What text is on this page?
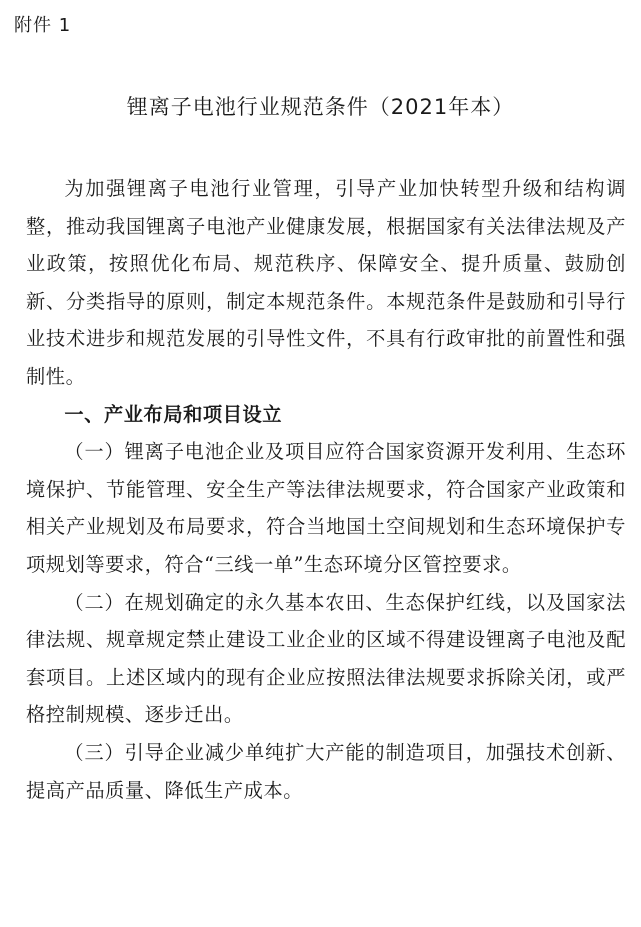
附件 1
锂离子电池行业规范条件（2021年本）

为加强锂离子电池行业管理，引导产业加快转型升级和结构调整，推动我国锂离子电池产业健康发展，根据国家有关法律法规及产业政策，按照优化布局、规范秩序、保障安全、提升质量、鼓励创新、分类指导的原则，制定本规范条件。本规范条件是鼓励和引导行业技术进步和规范发展的引导性文件，不具有行政审批的前置性和强制性。

一、产业布局和项目设立

（一）锂离子电池企业及项目应符合国家资源开发利用、生态环境保护、节能管理、安全生产等法律法规要求，符合国家产业政策和相关产业规划及布局要求，符合当地国土空间规划和生态环境保护专项规划等要求，符合“三线一单”生态环境分区管控要求。

（二）在规划确定的永久基本农田、生态保护红线，以及国家法律法规、规章规定禁止建设工业企业的区域不得建设锂离子电池及配套项目。上述区域内的现有企业应按照法律法规要求拆除关闭，或严格控制规模、逐步迁出。

（三）引导企业减少单纯扩大产能的制造项目，加强技术创新、提高产品质量、降低生产成本。
